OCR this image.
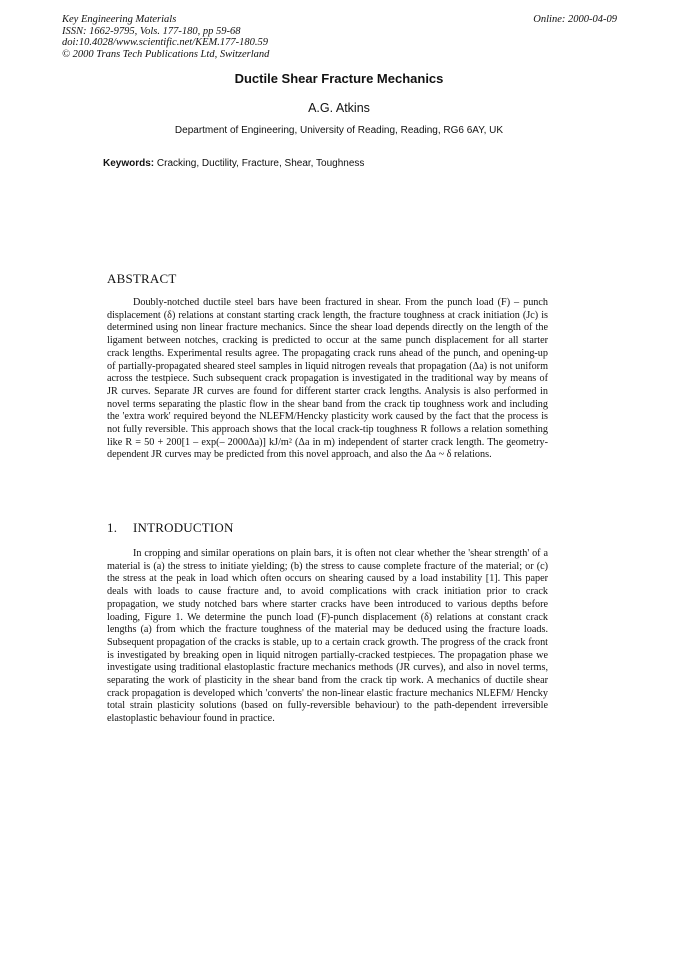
Key Engineering Materials
ISSN: 1662-9795, Vols. 177-180, pp 59-68
doi:10.4028/www.scientific.net/KEM.177-180.59
© 2000 Trans Tech Publications Ltd, Switzerland
Online: 2000-04-09
Ductile Shear Fracture Mechanics
A.G. Atkins
Department of Engineering, University of Reading, Reading, RG6 6AY, UK
Keywords: Cracking, Ductility, Fracture, Shear, Toughness
ABSTRACT

Doubly-notched ductile steel bars have been fractured in shear. From the punch load (F) – punch displacement (δ) relations at constant starting crack length, the fracture toughness at crack initiation (Jc) is determined using non linear fracture mechanics. Since the shear load depends directly on the length of the ligament between notches, cracking is predicted to occur at the same punch displacement for all starter crack lengths. Experimental results agree. The propagating crack runs ahead of the punch, and opening-up of partially-propagated sheared steel samples in liquid nitrogen reveals that propagation (Δa) is not uniform across the testpiece. Such subsequent crack propagation is investigated in the traditional way by means of JR curves. Separate JR curves are found for different starter crack lengths. Analysis is also performed in novel terms separating the plastic flow in the shear band from the crack tip toughness work and including the 'extra work' required beyond the NLEFM/Hencky plasticity work caused by the fact that the process is not fully reversible. This approach shows that the local crack-tip toughness R follows a relation something like R = 50 + 200[1 – exp(– 2000Δa)] kJ/m² (Δa in m) independent of starter crack length. The geometry-dependent JR curves may be predicted from this novel approach, and also the Δa ~ δ relations.

1. INTRODUCTION

In cropping and similar operations on plain bars, it is often not clear whether the 'shear strength' of a material is (a) the stress to initiate yielding; (b) the stress to cause complete fracture of the material; or (c) the stress at the peak in load which often occurs on shearing caused by a load instability [1]. This paper deals with loads to cause fracture and, to avoid complications with crack initiation prior to crack propagation, we study notched bars where starter cracks have been introduced to various depths before loading, Figure 1. We determine the punch load (F)-punch displacement (δ) relations at constant crack lengths (a) from which the fracture toughness of the material may be deduced using the fracture loads. Subsequent propagation of the cracks is stable, up to a certain crack growth. The progress of the crack front is investigated by breaking open in liquid nitrogen partially-cracked testpieces. The propagation phase we investigate using traditional elastoplastic fracture mechanics methods (JR curves), and also in novel terms, separating the work of plasticity in the shear band from the crack tip work. A mechanics of ductile shear crack propagation is developed which 'converts' the non-linear elastic fracture mechanics NLEFM/ Hencky total strain plasticity solutions (based on fully-reversible behaviour) to the path-dependent irreversible elastoplastic behaviour found in practice.
